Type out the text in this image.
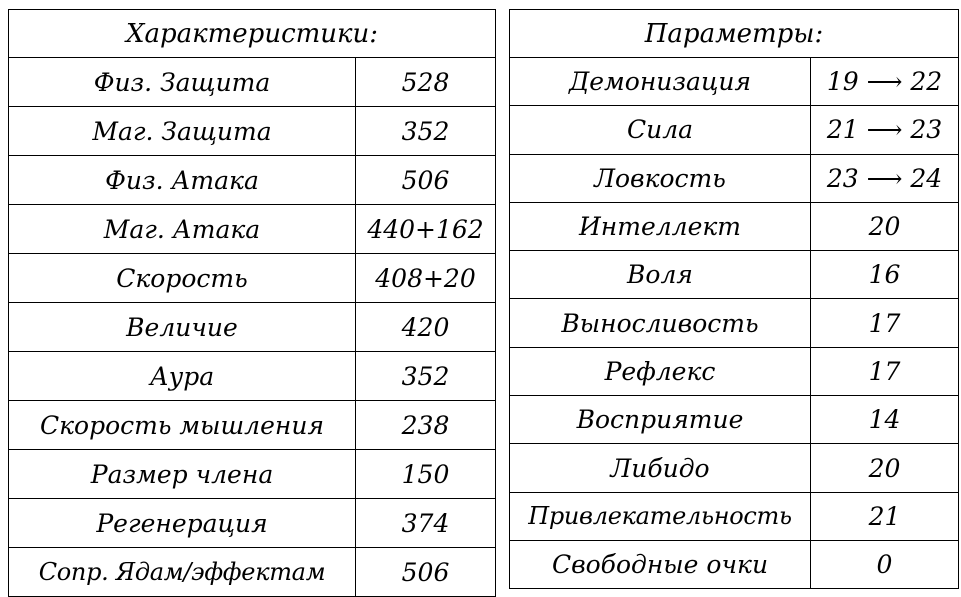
Характеристики:	
Физ. Защита	528
Маг. Защита	352
Физ. Атака	506
Маг. Атака	440+162
Скорость	408+20
Величие	420
Аура	352
Скорость мышления	238
Размер члена	150
Регенерация	374
Сопр. Ядам/эффектам	506
Параметры:	
Демонизация	19 ⟶ 22
Сила	21 ⟶ 23
Ловкость	23 ⟶ 24
Интеллект	20
Воля	16
Выносливость	17
Рефлекс	17
Восприятие	14
Либидо	20
Привлекательность	21
Свободные очки	0
